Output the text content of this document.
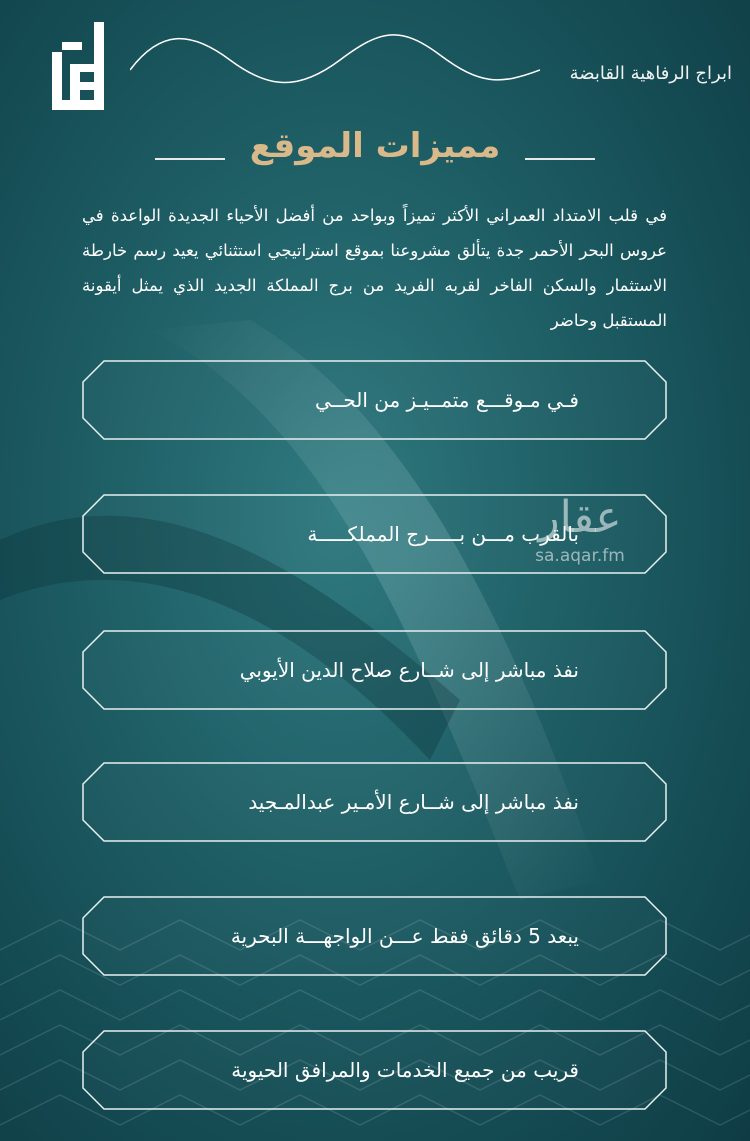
ابراج الرفاهية القابضة
مميزات الموقع
في قلب الامتداد العمراني الأكثر تميزاً وبواحد من أفضل الأحياء الجديدة الواعدة في عروس البحر الأحمر جدة يتألق مشروعنا بموقع استراتيجي استثنائي يعيد رسم خارطة الاستثمار والسكن الفاخر لقربه الفريد من برج المملكة الجديد الذي يمثل أيقونة المستقبل وحاضر
فـي مـوقـــع متمــيـز من الحــي
بالقرب مـــن بـــــرج المملكـــــة
نفذ مباشر إلى شــارع صلاح الدين الأيوبي
نفذ مباشر إلى شــارع الأمـير عبدالمـجيد
يبعد 5 دقائق فقط عـــن الواجهـــة البحرية
قريب من جميع الخدمات والمرافق الحيوية
عقار
sa.aqar.fm
